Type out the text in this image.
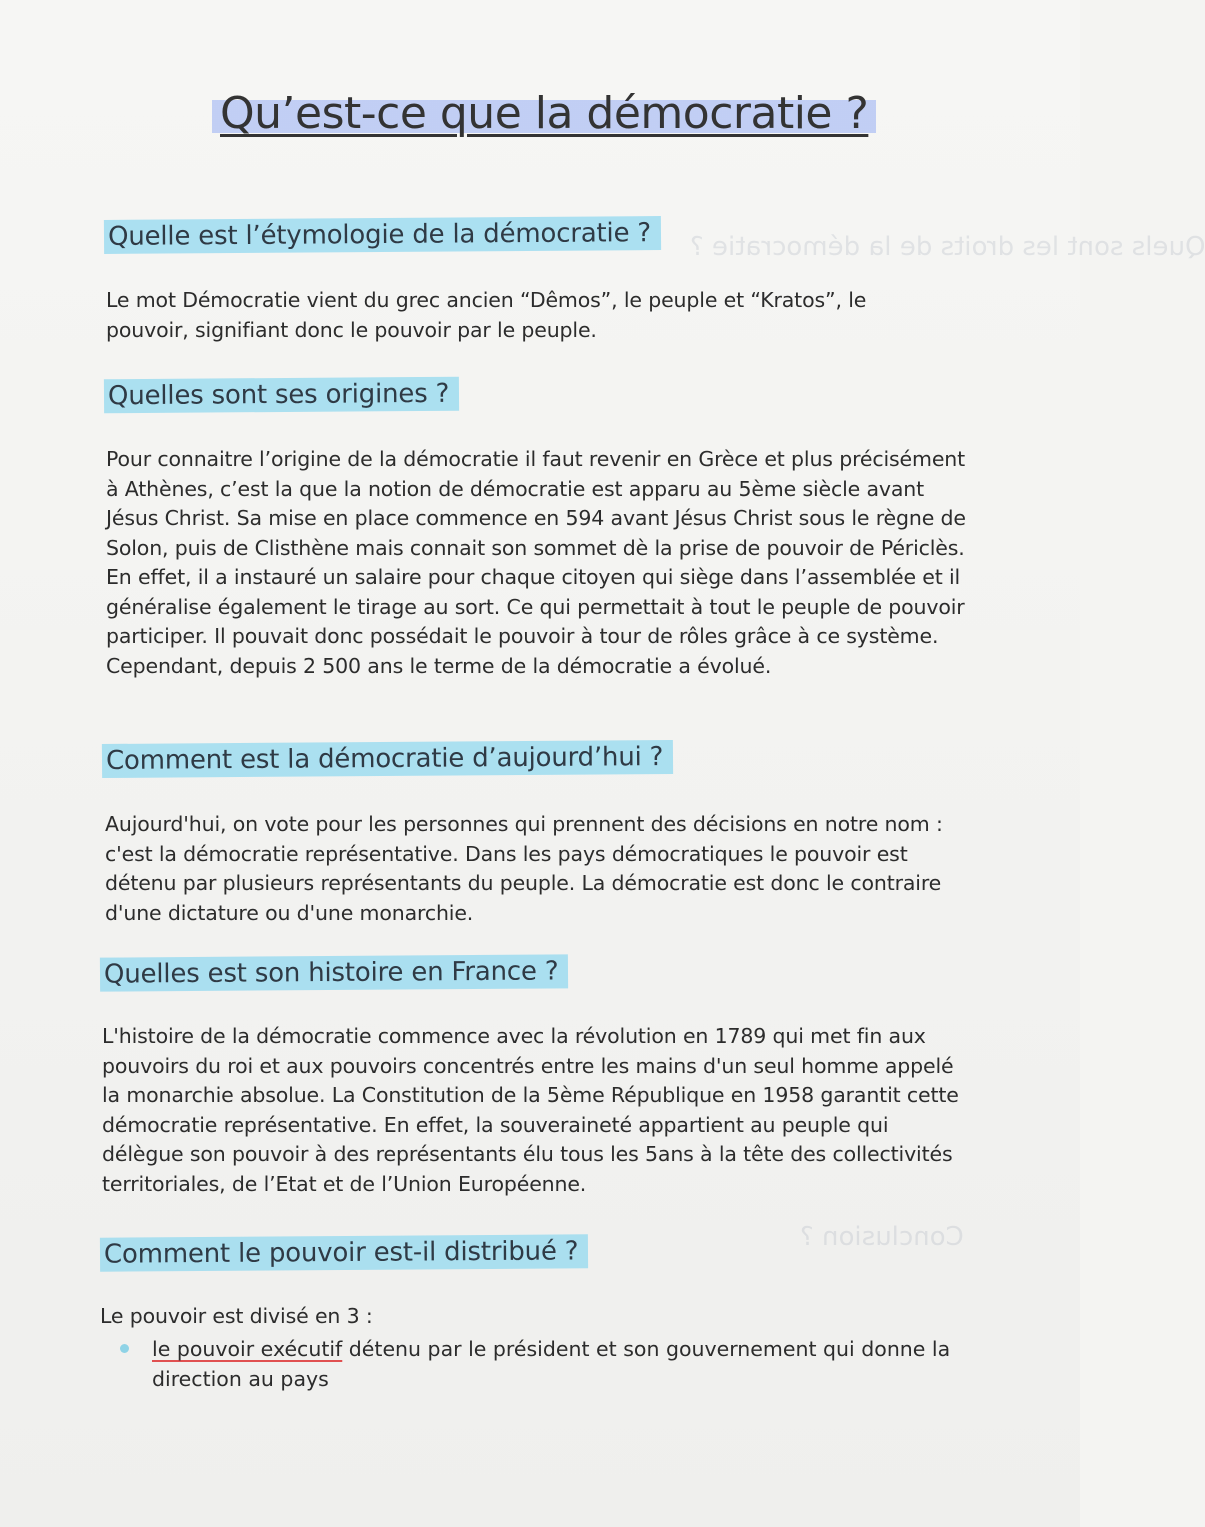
Quels sont les droits de la démocratie ?
Conclusion ?
Qu’est-ce que la démocratie ?
Quelle est l’étymologie de la démocratie ?

Le mot Démocratie vient du grec ancien “Dêmos”, le peuple et “Kratos”, le pouvoir, signifiant donc le pouvoir par le peuple.

Quelles sont ses origines ?

Pour connaitre l’origine de la démocratie il faut revenir en Grèce et plus précisément à Athènes, c’est la que la notion de démocratie est apparu au 5ème siècle avant Jésus Christ. Sa mise en place commence en 594 avant Jésus Christ sous le règne de Solon, puis de Clisthène mais connait son sommet dè la prise de pouvoir de Périclès. En effet, il a instauré un salaire pour chaque citoyen qui siège dans l’assemblée et il généralise également le tirage au sort. Ce qui permettait à tout le peuple de pouvoir participer. Il pouvait donc possédait le pouvoir à tour de rôles grâce à ce système. Cependant, depuis 2 500 ans le terme de la démocratie a évolué.

Comment est la démocratie d’aujourd’hui ?

Aujourd'hui, on vote pour les personnes qui prennent des décisions en notre nom : c'est la démocratie représentative. Dans les pays démocratiques le pouvoir est détenu par plusieurs représentants du peuple. La démocratie est donc le contraire d'une dictature ou d'une monarchie.

Quelles est son histoire en France ?

L'histoire de la démocratie commence avec la révolution en 1789 qui met fin aux pouvoirs du roi et aux pouvoirs concentrés entre les mains d'un seul homme appelé la monarchie absolue. La Constitution de la 5ème République en 1958 garantit cette démocratie représentative. En effet, la souveraineté appartient au peuple qui délègue son pouvoir à des représentants élu tous les 5ans à la tête des collectivités territoriales, de l’Etat et de l’Union Européenne.

Comment le pouvoir est-il distribué ?

Le pouvoir est divisé en 3 :

le pouvoir exécutif détenu par le président et son gouvernement qui donne la direction au pays
